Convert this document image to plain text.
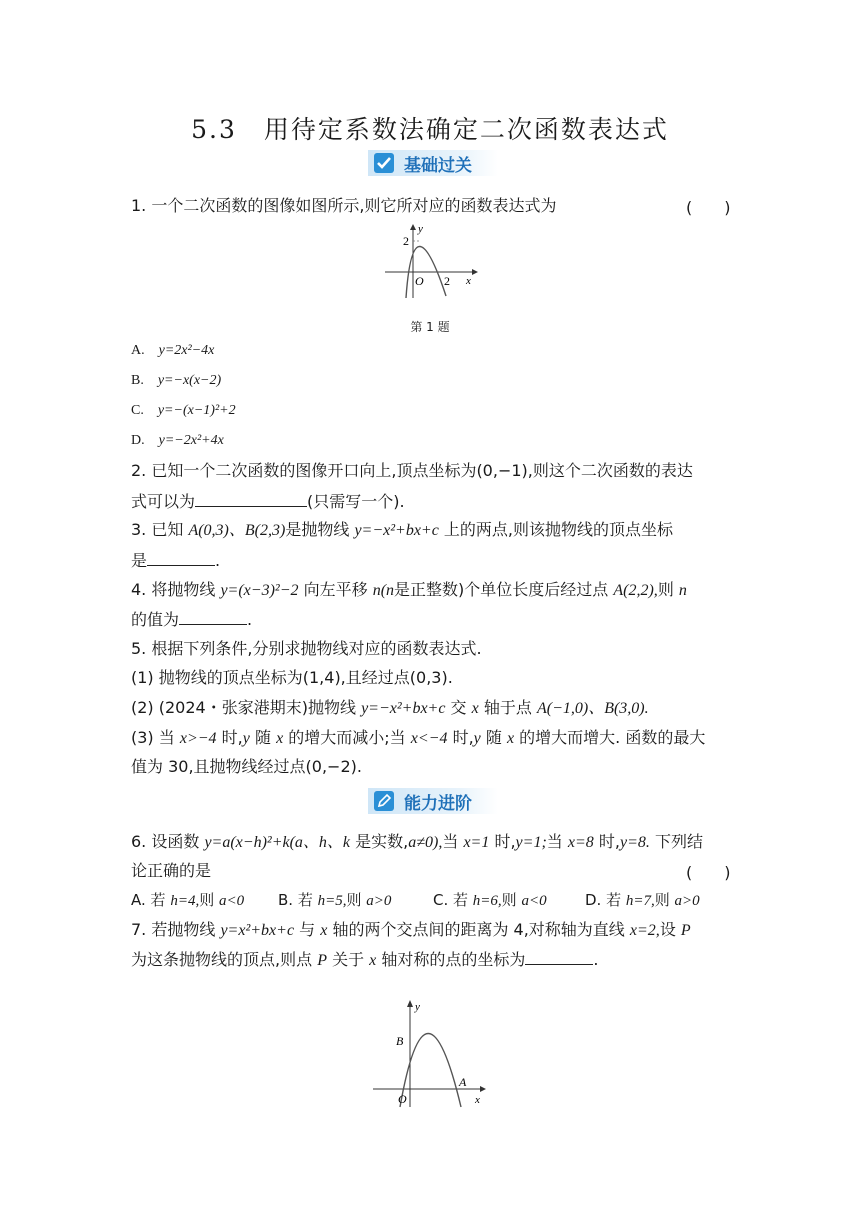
5.3　用待定系数法确定二次函数表达式
基础过关
1. 一个二次函数的图像如图所示,则它所对应的函数表达式为	(　　)
y
x
O
2
2
第 1 题
A. y=2x²−4x
B. y=−x(x−2)
C. y=−(x−1)²+2
D. y=−2x²+4x
2. 已知一个二次函数的图像开口向上,顶点坐标为(0,−1),则这个二次函数的表达
式可以为	(只需写一个).
3. 已知 A(0,3)、B(2,3)是抛物线 y=−x²+bx+c 上的两点,则该抛物线的顶点坐标
是	.
4. 将抛物线 y=(x−3)²−2 向左平移 n(n是正整数)个单位长度后经过点 A(2,2),则 n
的值为	.
5. 根据下列条件,分别求抛物线对应的函数表达式.
(1) 抛物线的顶点坐标为(1,4),且经过点(0,3).
(2) (2024・张家港期末)抛物线 y=−x²+bx+c 交 x 轴于点 A(−1,0)、B(3,0).
(3) 当 x>−4 时,y 随 x 的增大而减小;当 x<−4 时,y 随 x 的增大而增大. 函数的最大
值为 30,且抛物线经过点(0,−2).
能力进阶
6. 设函数 y=a(x−h)²+k(a、h、k 是实数,a≠0),当 x=1 时,y=1;当 x=8 时,y=8. 下列结
论正确的是	(　　)
A. 若 h=4,则 a<0 B. 若 h=5,则 a>0	C. 若 h=6,则 a<0	D. 若 h=7,则 a>0
7. 若抛物线 y=x²+bx+c 与 x 轴的两个交点间的距离为 4,对称轴为直线 x=2,设 P
为这条抛物线的顶点,则点 P 关于 x 轴对称的点的坐标为	.
y
x
O
B
A
